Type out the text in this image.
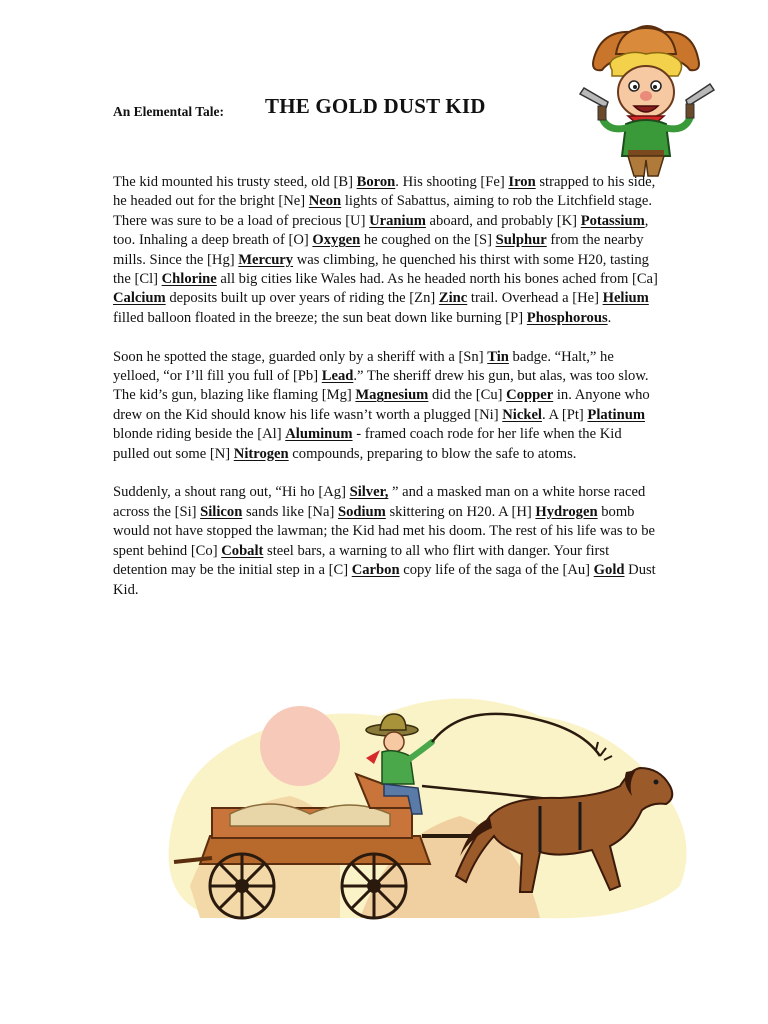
An Elemental Tale: THE GOLD DUST KID

The kid mounted his trusty steed, old [B] Boron. His shooting [Fe] Iron strapped to his side, he headed out for the bright [Ne] Neon lights of Sabattus, aiming to rob the Litchfield stage. There was sure to be a load of precious [U] Uranium aboard, and probably [K] Potassium, too. Inhaling a deep breath of [O] Oxygen he coughed on the [S] Sulphur from the nearby mills. Since the [Hg] Mercury was climbing, he quenched his thirst with some H20, tasting the [Cl] Chlorine all big cities like Wales had. As he headed north his bones ached from [Ca] Calcium deposits built up over years of riding the [Zn] Zinc trail. Overhead a [He] Helium filled balloon floated in the breeze; the sun beat down like burning [P] Phosphorous.

Soon he spotted the stage, guarded only by a sheriff with a [Sn] Tin badge. “Halt,” he yelloed, “or I’ll fill you full of [Pb] Lead.” The sheriff drew his gun, but alas, was too slow. The kid’s gun, blazing like flaming [Mg] Magnesium did the [Cu] Copper in. Anyone who drew on the Kid should know his life wasn’t worth a plugged [Ni] Nickel. A [Pt] Platinum blonde riding beside the [Al] Aluminum - framed coach rode for her life when the Kid pulled out some [N] Nitrogen compounds, preparing to blow the safe to atoms.

Suddenly, a shout rang out, “Hi ho [Ag] Silver, ” and a masked man on a white horse raced across the [Si] Silicon sands like [Na] Sodium skittering on H20. A [H] Hydrogen bomb would not have stopped the lawman; the Kid had met his doom. The rest of his life was to be spent behind [Co] Cobalt steel bars, a warning to all who flirt with danger. Your first detention may be the initial step in a [C] Carbon copy life of the saga of the [Au] Gold Dust Kid.
